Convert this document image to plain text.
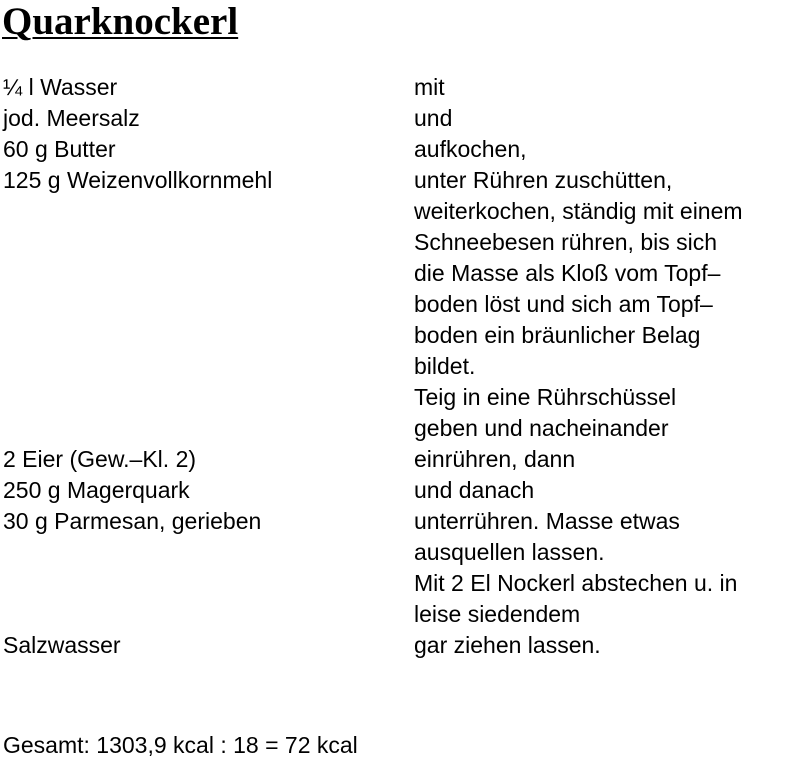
Quarknockerl
¼ l Wasser	mit
jod. Meersalz	und
60 g Butter	aufkochen,
125 g Weizenvollkornmehl	unter Rühren zuschütten,
weiterkochen, ständig mit einem
Schneebesen rühren, bis sich
die Masse als Kloß vom Topf–
boden löst und sich am Topf–
boden ein bräunlicher Belag
bildet.
Teig in eine Rührschüssel
geben und nacheinander
2 Eier (Gew.–Kl. 2)	einrühren, dann
250 g Magerquark	und danach
30 g Parmesan, gerieben	unterrühren. Masse etwas
ausquellen lassen.
Mit 2 El Nockerl abstechen u. in
leise siedendem
Salzwasser	gar ziehen lassen.
Gesamt: 1303,9 kcal : 18 = 72 kcal
